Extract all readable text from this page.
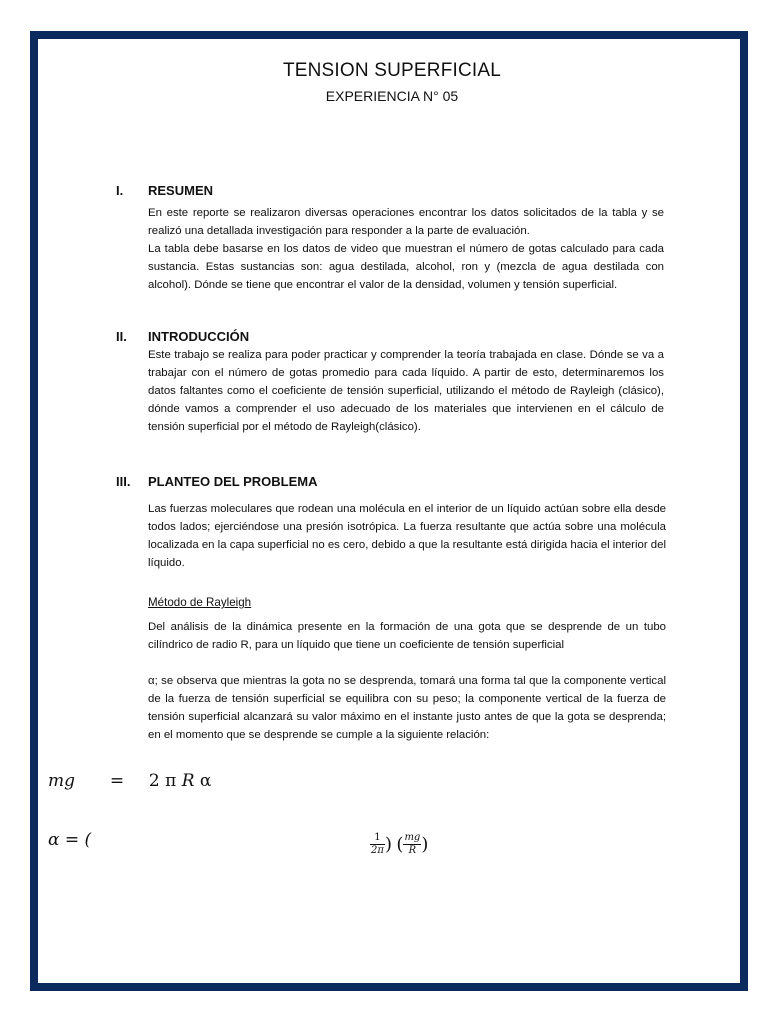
TENSION SUPERFICIAL
EXPERIENCIA N° 05
I. RESUMEN

En este reporte se realizaron diversas operaciones encontrar los datos solicitados de la tabla y se realizó una detallada investigación para responder a la parte de evaluación.

La tabla debe basarse en los datos de video que muestran el número de gotas calculado para cada sustancia. Estas sustancias son: agua destilada, alcohol, ron y (mezcla de agua destilada con alcohol). Dónde se tiene que encontrar el valor de la densidad, volumen y tensión superficial.

II. INTRODUCCIÓN

Este trabajo se realiza para poder practicar y comprender la teoría trabajada en clase. Dónde se va a trabajar con el número de gotas promedio para cada líquido. A partir de esto, determinaremos los datos faltantes como el coeficiente de tensión superficial, utilizando el método de Rayleigh (clásico), dónde vamos a comprender el uso adecuado de los materiales que intervienen en el cálculo de tensión superficial por el método de Rayleigh(clásico).

III. PLANTEO DEL PROBLEMA

Las fuerzas moleculares que rodean una molécula en el interior de un líquido actúan sobre ella desde todos lados; ejerciéndose una presión isotrópica. La fuerza resultante que actúa sobre una molécula localizada en la capa superficial no es cero, debido a que la resultante está dirigida hacia el interior del líquido.

Método de Rayleigh

Del análisis de la dinámica presente en la formación de una gota que se desprende de un tubo cilíndrico de radio R, para un líquido que tiene un coeficiente de tensión superficial

α; se observa que mientras la gota no se desprenda, tomará una forma tal que la componente vertical de la fuerza de tensión superficial se equilibra con su peso; la componente vertical de la fuerza de tensión superficial alcanzará su valor máximo en el instante justo antes de que la gota se desprenda; en el momento que se desprende se cumple a la siguiente relación:

mg = 2 π R α
α = (	$\frac{1}{2\pi}$ ) ( $\frac{mg}{R}$ )
